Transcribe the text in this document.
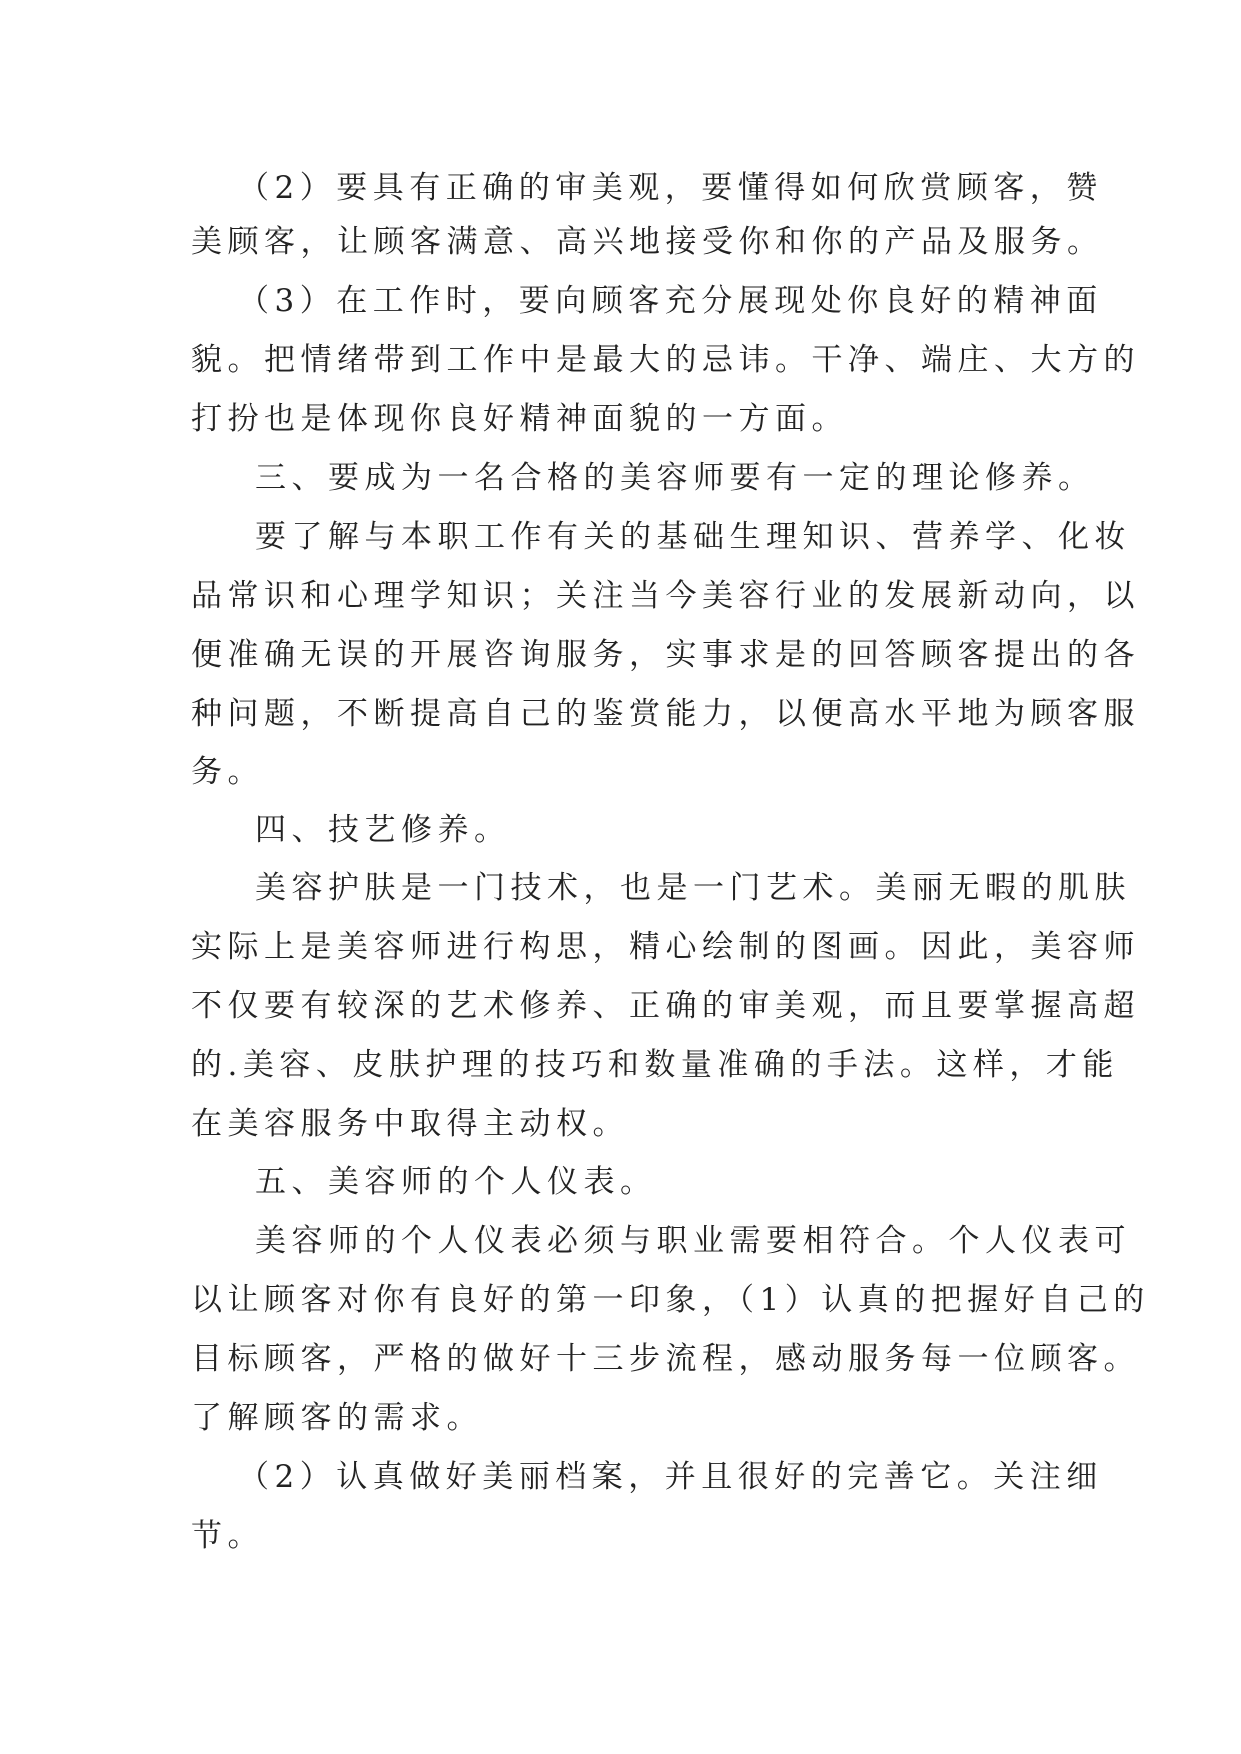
（2）要具有正确的审美观，要懂得如何欣赏顾客，赞
美顾客，让顾客满意、高兴地接受你和你的产品及服务。
（3）在工作时，要向顾客充分展现处你良好的精神面
貌。把情绪带到工作中是最大的忌讳。干净、端庄、大方的
打扮也是体现你良好精神面貌的一方面。
三、要成为一名合格的美容师要有一定的理论修养。
要了解与本职工作有关的基础生理知识、营养学、化妆
品常识和心理学知识；关注当今美容行业的发展新动向，以
便准确无误的开展咨询服务，实事求是的回答顾客提出的各
种问题，不断提高自己的鉴赏能力，以便高水平地为顾客服
务。
四、技艺修养。
美容护肤是一门技术，也是一门艺术。美丽无暇的肌肤
实际上是美容师进行构思，精心绘制的图画。因此，美容师
不仅要有较深的艺术修养、正确的审美观，而且要掌握高超
的.美容、皮肤护理的技巧和数量准确的手法。这样，才能
在美容服务中取得主动权。
五、美容师的个人仪表。
美容师的个人仪表必须与职业需要相符合。个人仪表可
以让顾客对你有良好的第一印象，（1）认真的把握好自己的
目标顾客，严格的做好十三步流程，感动服务每一位顾客。
了解顾客的需求。
（2）认真做好美丽档案，并且很好的完善它。关注细
节。
